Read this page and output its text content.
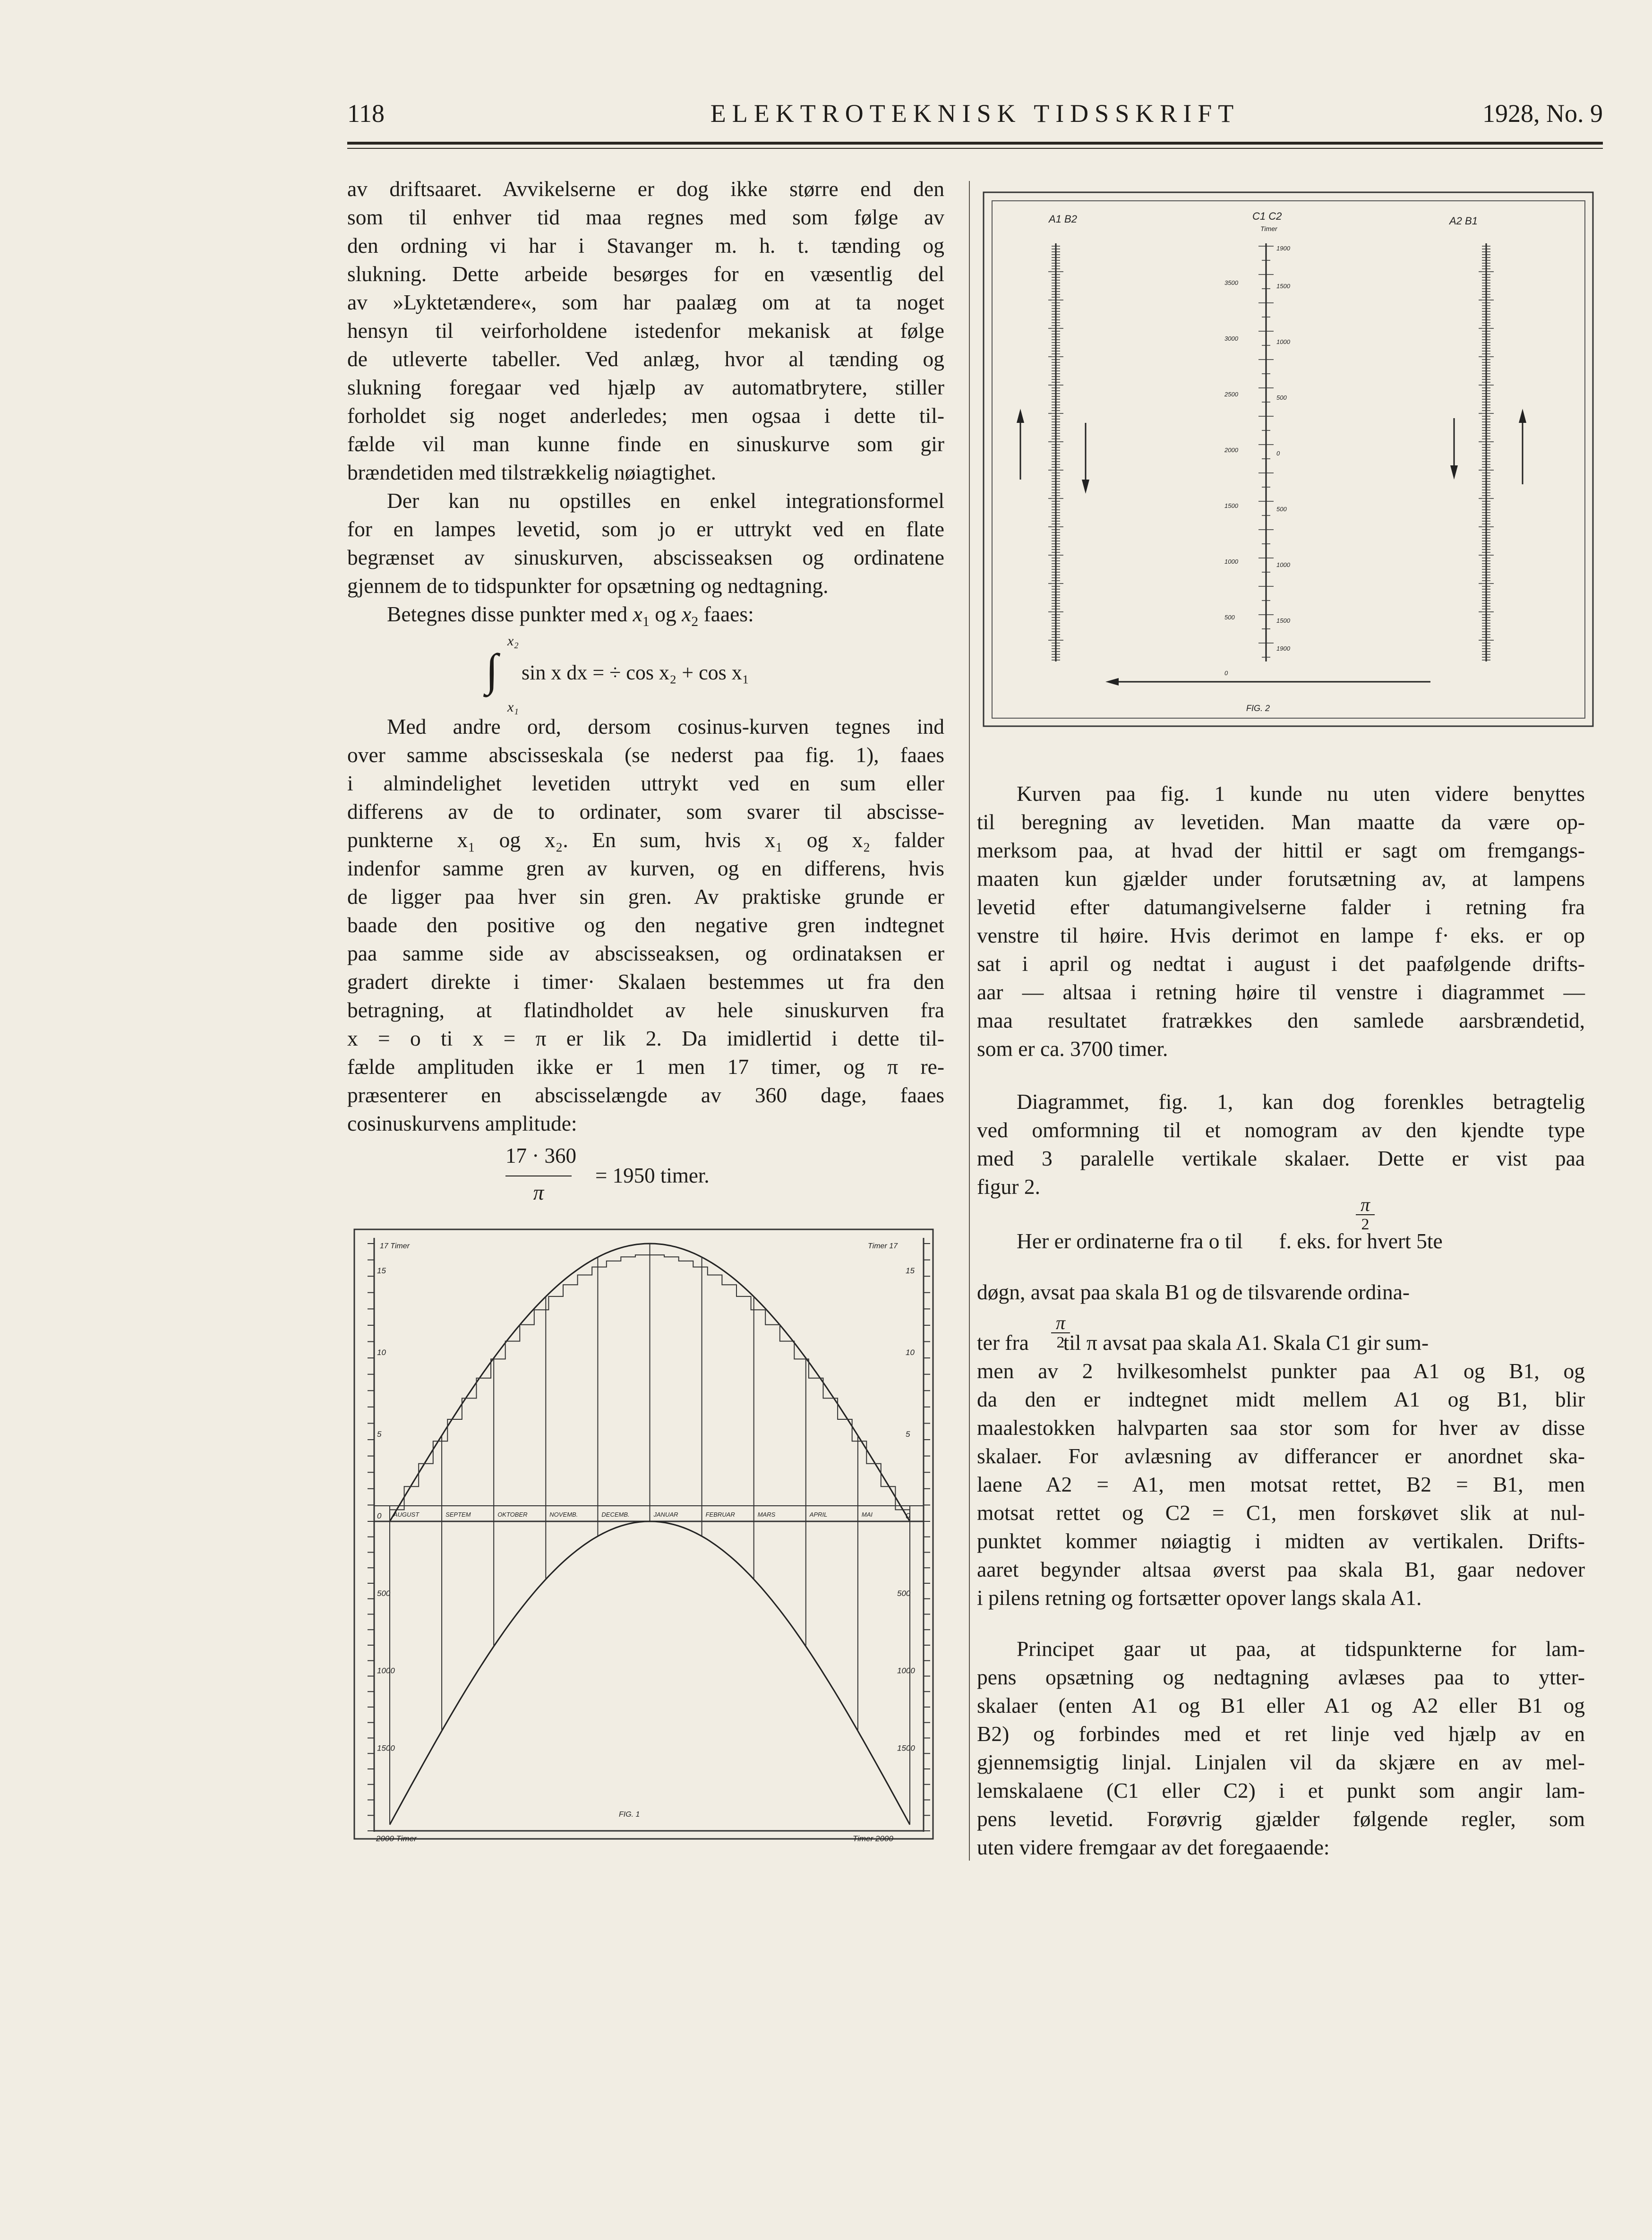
118	ELEKTROTEKNISK TIDSSKRIFT	1928, No. 9
av driftsaaret. Avvikelserne er dog ikke større end den
som til enhver tid maa regnes med som følge av
den ordning vi har i Stavanger m. h. t. tænding og
slukning. Dette arbeide besørges for en væsentlig del
av »Lyktetændere«, som har paalæg om at ta noget
hensyn til veirforholdene istedenfor mekanisk at følge
de utleverte tabeller. Ved anlæg, hvor al tænding og
slukning foregaar ved hjælp av automatbrytere, stiller
forholdet sig noget anderledes; men ogsaa i dette til-
fælde vil man kunne finde en sinuskurve som gir
brændetiden med tilstrækkelig nøiagtighet.
Der kan nu opstilles en enkel integrationsformel
for en lampes levetid, som jo er uttrykt ved en flate
begrænset av sinuskurven, abscisseaksen og ordinatene
gjennem de to tidspunkter for opsætning og nedtagning.
Betegnes disse punkter med $x_1$ og $x_2$ faaes:
x₂
∫ sin x dx = ÷ cos x₂ + cos x₁
x₁
Med andre ord, dersom cosinus-kurven tegnes ind
over samme abscisseskala (se nederst paa fig. 1), faaes
i almindelighet levetiden uttrykt ved en sum eller
differens av de to ordinater, som svarer til abscisse-
punkterne x₁ og x₂. En sum, hvis x₁ og x₂ falder
indenfor samme gren av kurven, og en differens, hvis
de ligger paa hver sin gren. Av praktiske grunde er
baade den positive og den negative gren indtegnet
paa samme side av abscisseaksen, og ordinataksen er
gradert direkte i timer· Skalaen bestemmes ut fra den
betragning, at flatindholdet av hele sinuskurven fra
x = o ti x = π er lik 2. Da imidlertid i dette til-
fælde amplituden ikke er 1 men 17 timer, og π re-
præsenterer en abscisselængde av 360 dage, faaes
cosinuskurvens amplitude:
17 · 360
π
= 1950 timer.
15	15
10	10
5	5
0	0
500	500
1000	1000
1500	1500
17 Timer	Timer 17
2000 Timer	Timer 2000
FIG. 1
AUGUST	SEPTEM	OKTOBER	NOVEMB.	DECEMB.	JANUAR	FEBRUAR	MARS	APRIL	MAI
A1 B2	C1 C2
Timer
A2 B1
FIG. 2
3500
3000
2500
2000
1500
1000
500
0
1900
1500
1000
500
0
500
1000
1500
1900
Kurven paa fig. 1 kunde nu uten videre benyttes
til beregning av levetiden. Man maatte da være op-
merksom paa, at hvad der hittil er sagt om fremgangs-
maaten kun gjælder under forutsætning av, at lampens
levetid efter datumangivelserne falder i retning fra
venstre til høire. Hvis derimot en lampe f· eks. er op
sat i april og nedtat i august i det paafølgende drifts-
aar — altsaa i retning høire til venstre i diagrammet —
maa resultatet fratrækkes den samlede aarsbrændetid,
som er ca. 3700 timer.
Diagrammet, fig. 1, kan dog forenkles betragtelig
ved omformning til et nomogram av den kjendte type
med 3 paralelle vertikale skalaer. Dette er vist paa
figur 2.
Her er ordinaterne fra o til f. eks. for hvert 5te
$\frac{\pi}{2}$
døgn, avsat paa skala B1 og de tilsvarende ordina-
ter fra til π avsat paa skala A1. Skala C1 gir sum-
$\frac{\pi}{2}$
men av 2 hvilkesomhelst punkter paa A1 og B1, og
da den er indtegnet midt mellem A1 og B1, blir
maalestokken halvparten saa stor som for hver av disse
skalaer. For avlæsning av differancer er anordnet ska-
laene A2 = A1, men motsat rettet, B2 = B1, men
motsat rettet og C2 = C1, men forskøvet slik at nul-
punktet kommer nøiagtig i midten av vertikalen. Drifts-
aaret begynder altsaa øverst paa skala B1, gaar nedover
i pilens retning og fortsætter opover langs skala A1.
Principet gaar ut paa, at tidspunkterne for lam-
pens opsætning og nedtagning avlæses paa to ytter-
skalaer (enten A1 og B1 eller A1 og A2 eller B1 og
B2) og forbindes med et ret linje ved hjælp av en
gjennemsigtig linjal. Linjalen vil da skjære en av mel-
lemskalaene (C1 eller C2) i et punkt som angir lam-
pens levetid. Forøvrig gjælder følgende regler, som
uten videre fremgaar av det foregaaende:
